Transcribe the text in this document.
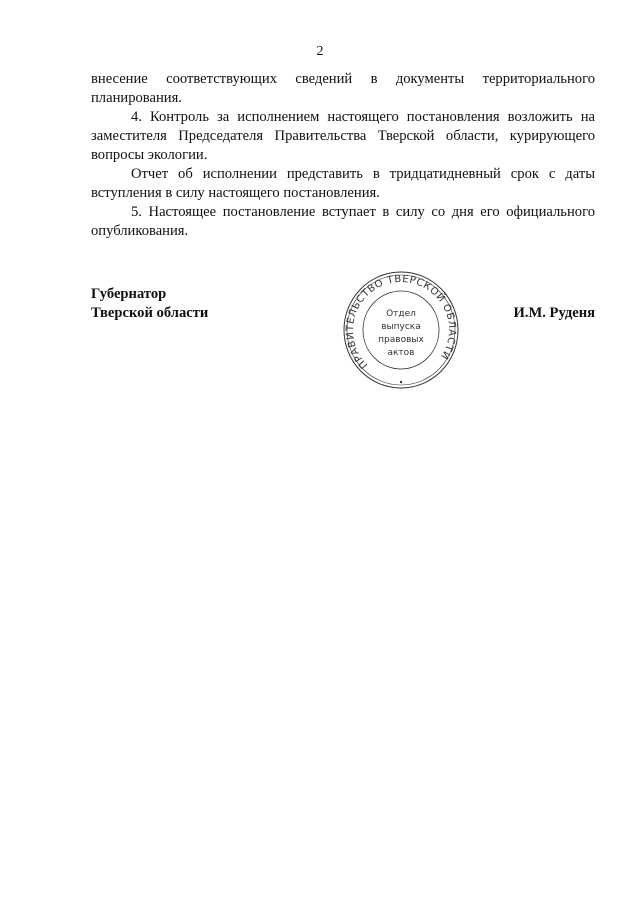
2

внесение соответствующих сведений в документы территориального планирования.

4. Контроль за исполнением настоящего постановления возложить на заместителя Председателя Правительства Тверской области, курирующего вопросы экологии.

Отчет об исполнении представить в тридцатидневный срок с даты вступления в силу настоящего постановления.

5. Настоящее постановление вступает в силу со дня его официального опубликования.

Губернатор
Тверской области
ПРАВИТЕЛЬСТВО ТВЕРСКОЙ ОБЛАСТИ
Отдел
выпуска
правовых
актов
И.М. Руденя
